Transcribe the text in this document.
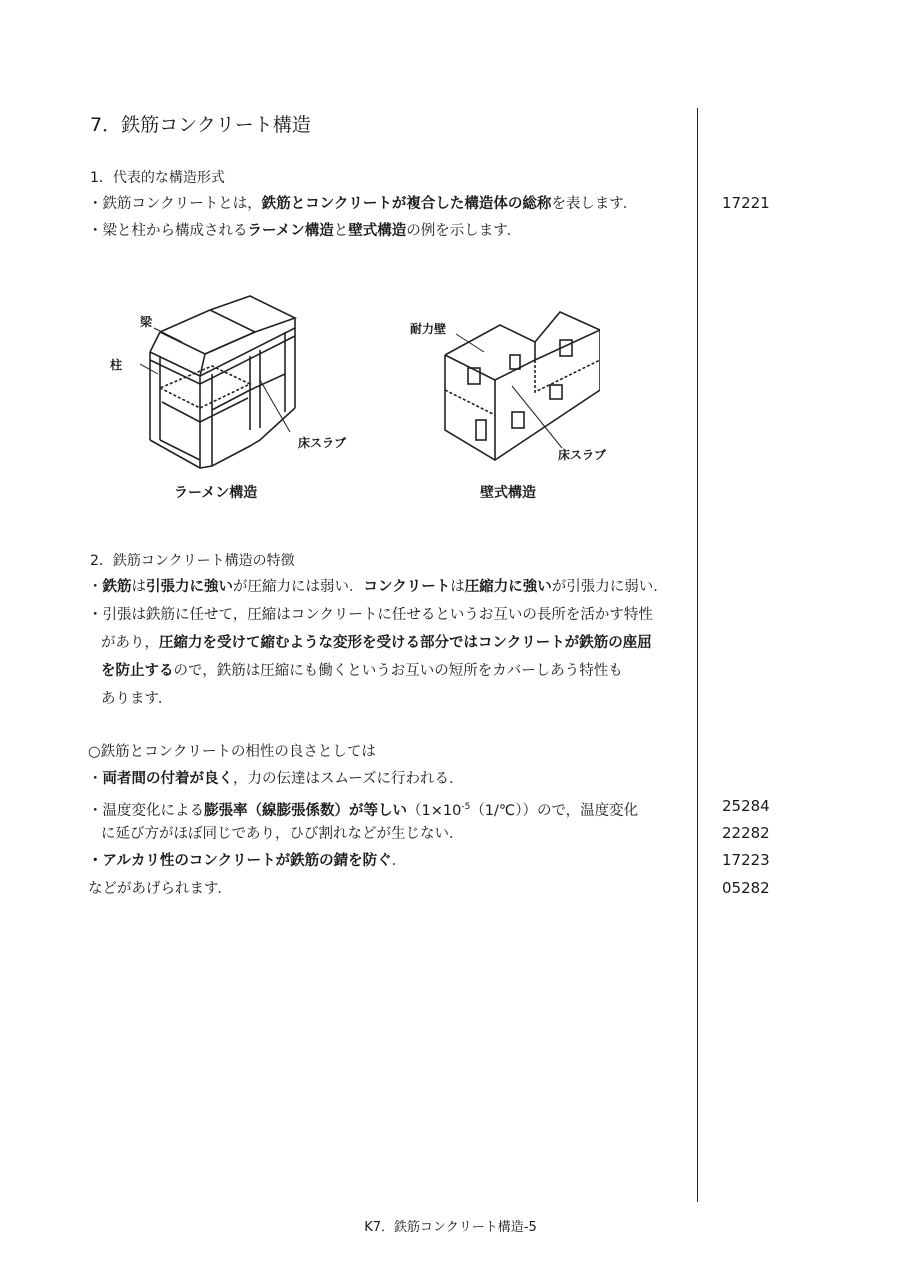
7．鉄筋コンクリート構造
1．代表的な構造形式
・鉄筋コンクリートとは，鉄筋とコンクリートが複合した構造体の総称を表します．
・梁と柱から構成されるラーメン構造と壁式構造の例を示します．
梁
柱
床スラブ
ラーメン構造
耐力壁
床スラブ
壁式構造
2．鉄筋コンクリート構造の特徴
・鉄筋は引張力に強いが圧縮力には弱い．コンクリートは圧縮力に強いが引張力に弱い．
・引張は鉄筋に任せて，圧縮はコンクリートに任せるというお互いの長所を活かす特性
があり，圧縮力を受けて縮むような変形を受ける部分ではコンクリートが鉄筋の座屈
を防止するので，鉄筋は圧縮にも働くというお互いの短所をカバーしあう特性も
あります．
○鉄筋とコンクリートの相性の良さとしては
・両者間の付着が良く，力の伝達はスムーズに行われる．
・温度変化による膨張率（線膨張係数）が等しい$(1\times 10^{-5}(1/℃))$ので，温度変化
に延び方がほぼ同じであり，ひび割れなどが生じない．
・アルカリ性のコンクリートが鉄筋の錆を防ぐ．
などがあげられます．
17221
25284
22282
17223
05282
K7．鉄筋コンクリート構造-5
